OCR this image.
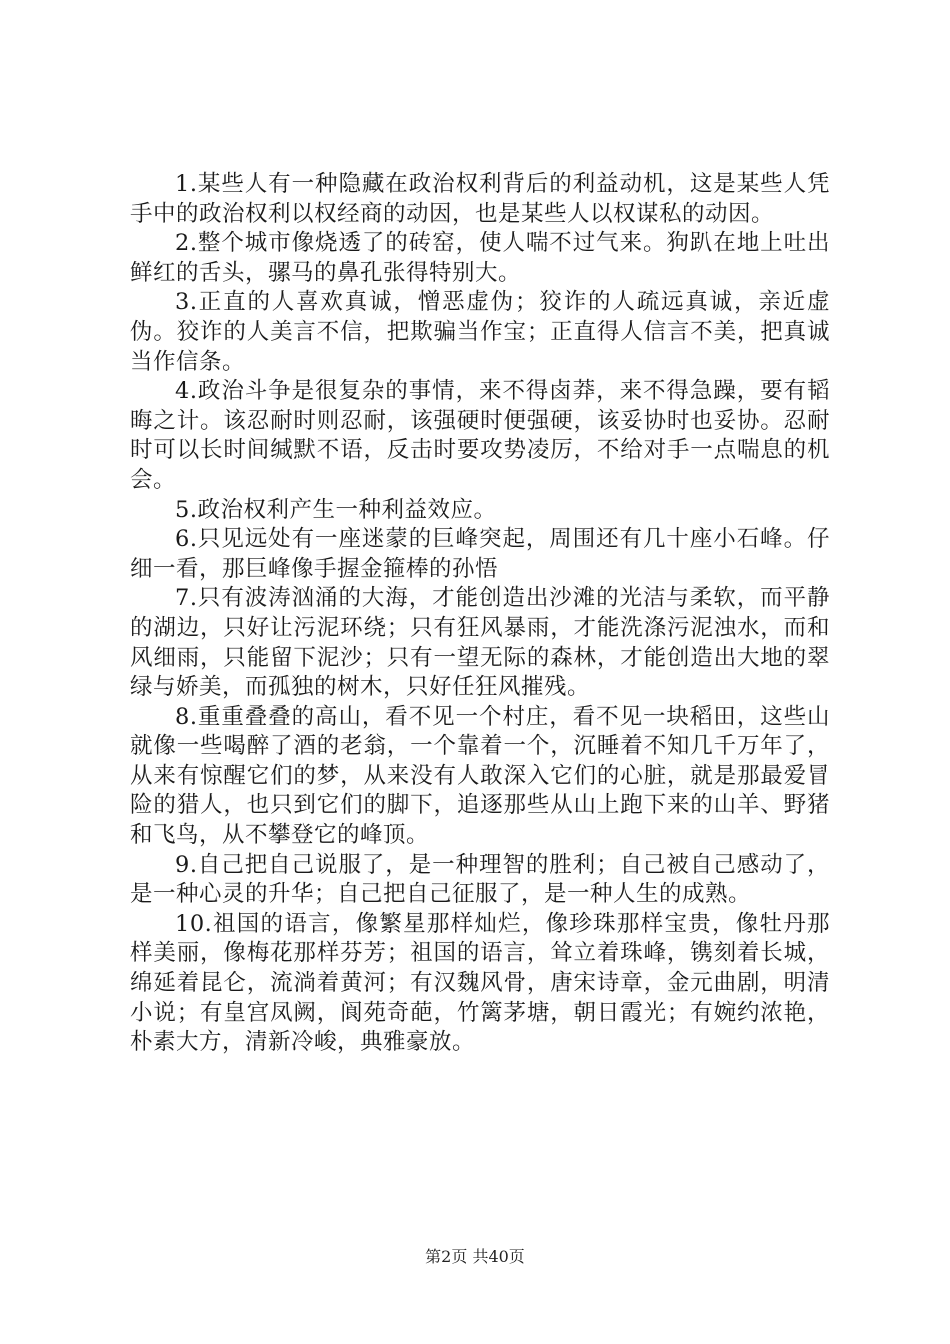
1.某些人有一种隐藏在政治权利背后的利益动机，这是某些人凭手中的政治权利以权经商的动因，也是某些人以权谋私的动因。

2.整个城市像烧透了的砖窑，使人喘不过气来。狗趴在地上吐出鲜红的舌头，骡马的鼻孔张得特别大。

3.正直的人喜欢真诚，憎恶虚伪；狡诈的人疏远真诚，亲近虚伪。狡诈的人美言不信，把欺骗当作宝；正直得人信言不美，把真诚当作信条。

4.政治斗争是很复杂的事情，来不得卤莽，来不得急躁，要有韬晦之计。该忍耐时则忍耐，该强硬时便强硬，该妥协时也妥协。忍耐时可以长时间缄默不语，反击时要攻势凌厉，不给对手一点喘息的机会。

5.政治权利产生一种利益效应。

6.只见远处有一座迷蒙的巨峰突起，周围还有几十座小石峰。仔细一看，那巨峰像手握金箍棒的孙悟

7.只有波涛汹涌的大海，才能创造出沙滩的光洁与柔软，而平静的湖边，只好让污泥环绕；只有狂风暴雨，才能洗涤污泥浊水，而和风细雨，只能留下泥沙；只有一望无际的森林，才能创造出大地的翠绿与娇美，而孤独的树木，只好任狂风摧残。

8.重重叠叠的高山，看不见一个村庄，看不见一块稻田，这些山就像一些喝醉了酒的老翁，一个靠着一个，沉睡着不知几千万年了，从来有惊醒它们的梦，从来没有人敢深入它们的心脏，就是那最爱冒险的猎人，也只到它们的脚下，追逐那些从山上跑下来的山羊、野猪和飞鸟，从不攀登它的峰顶。

9.自己把自己说服了，是一种理智的胜利；自己被自己感动了，是一种心灵的升华；自己把自己征服了，是一种人生的成熟。

10.祖国的语言，像繁星那样灿烂，像珍珠那样宝贵，像牡丹那样美丽，像梅花那样芬芳；祖国的语言，耸立着珠峰，镌刻着长城，绵延着昆仑，流淌着黄河；有汉魏风骨，唐宋诗章，金元曲剧，明清小说；有皇宫凤阙，阆苑奇葩，竹篱茅塘，朝日霞光；有婉约浓艳，朴素大方，清新冷峻，典雅豪放。

第2页 共40页
